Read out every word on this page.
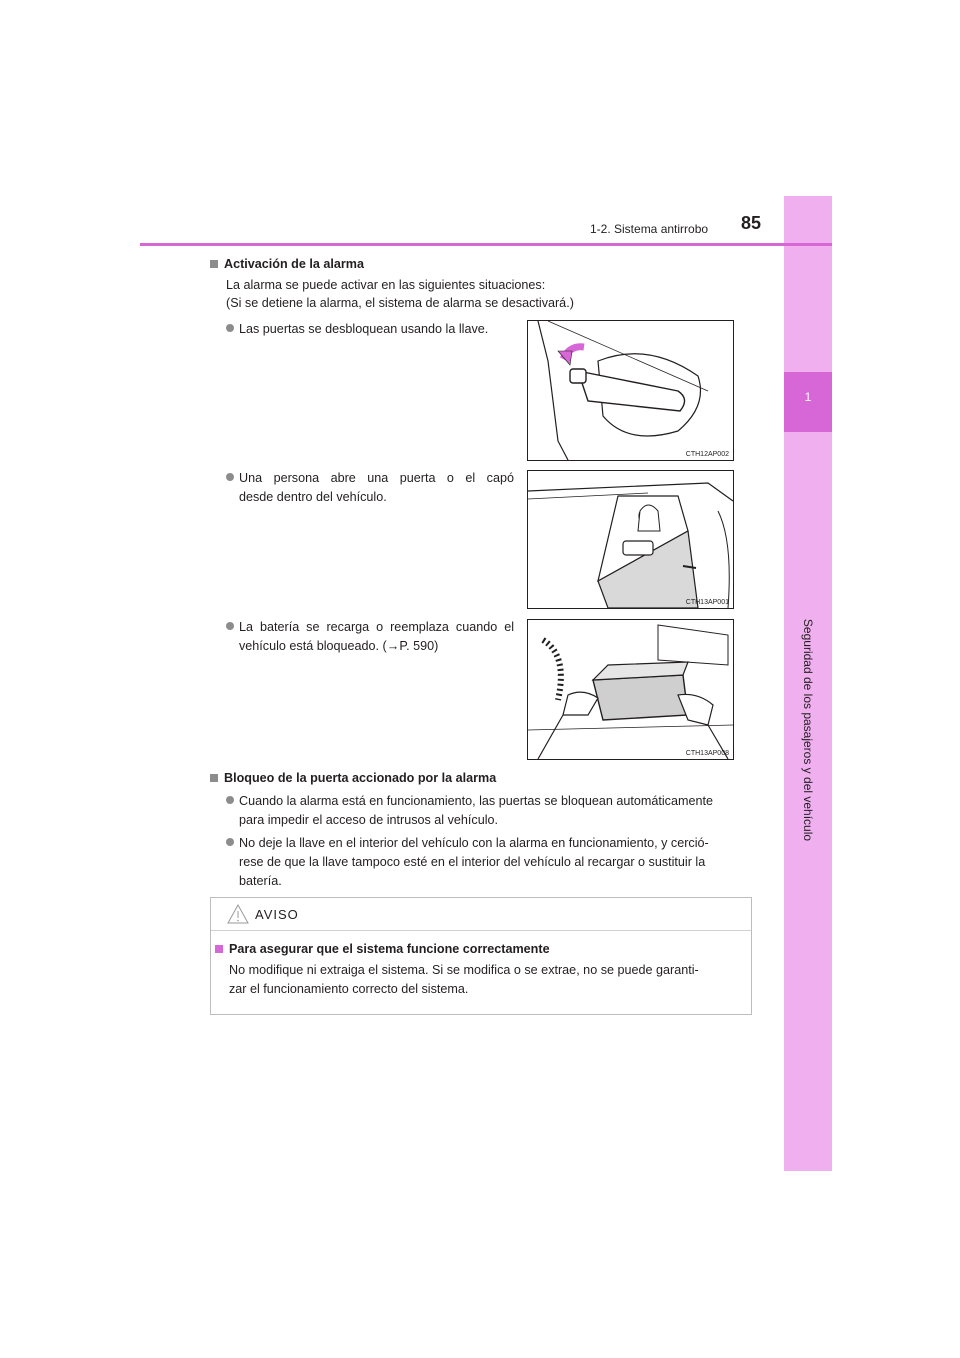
1
Seguridad de los pasajeros y del vehículo
1-2. Sistema antirrobo 85
Activación de la alarma
La alarma se puede activar en las siguientes situaciones:
(Si se detiene la alarma, el sistema de alarma se desactivará.)
Las puertas se desbloquean usando la llave.
CTH12AP002
Una persona abre una puerta o el capó
desde dentro del vehículo.
CTH13AP001
La batería se recarga o reemplaza cuando el
vehículo está bloqueado. (→P. 590)
CTH13AP008
Bloqueo de la puerta accionado por la alarma
Cuando la alarma está en funcionamiento, las puertas se bloquean automáticamente
para impedir el acceso de intrusos al vehículo.
No deje la llave en el interior del vehículo con la alarma en funcionamiento, y cerció-
rese de que la llave tampoco esté en el interior del vehículo al recargar o sustituir la
batería.
AVISO
Para asegurar que el sistema funcione correctamente
No modifique ni extraiga el sistema. Si se modifica o se extrae, no se puede garanti-
zar el funcionamiento correcto del sistema.
